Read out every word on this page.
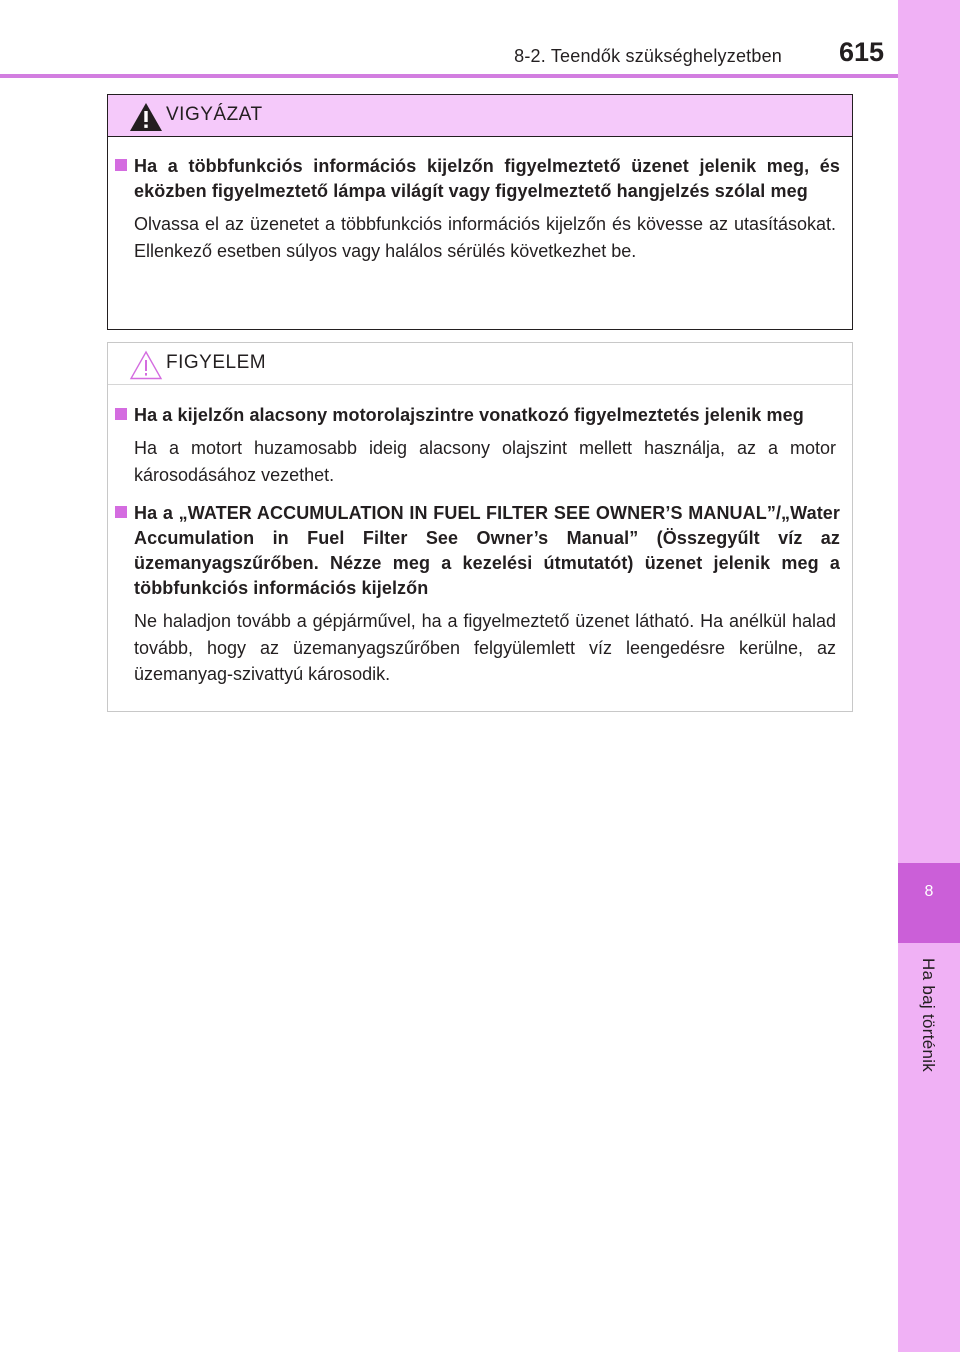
8-2. Teendők szükséghelyzetben 615
8
Ha baj történik
VIGYÁZAT
Ha a többfunkciós információs kijelzőn figyelmeztető üzenet jelenik meg, és eközben figyelmeztető lámpa világít vagy figyelmeztető hangjelzés szólal meg
Olvassa el az üzenetet a többfunkciós információs kijelzőn és kövesse az utasításokat. Ellenkező esetben súlyos vagy halálos sérülés következhet be.
FIGYELEM
Ha a kijelzőn alacsony motorolajszintre vonatkozó figyelmeztetés jelenik meg
Ha a motort huzamosabb ideig alacsony olajszint mellett használja, az a motor károsodásához vezethet.
Ha a „WATER ACCUMULATION IN FUEL FILTER SEE OWNER’S MANUAL”/„Water Accumulation in Fuel Filter See Owner’s Manual” (Összegyűlt víz az üzemanyagszűrőben. Nézze meg a kezelési útmutatót) üzenet jelenik meg a többfunkciós információs kijelzőn
Ne haladjon tovább a gépjárművel, ha a figyelmeztető üzenet látható. Ha anélkül halad tovább, hogy az üzemanyagszűrőben felgyülemlett víz leengedésre kerülne, az üzemanyag-szivattyú károsodik.
